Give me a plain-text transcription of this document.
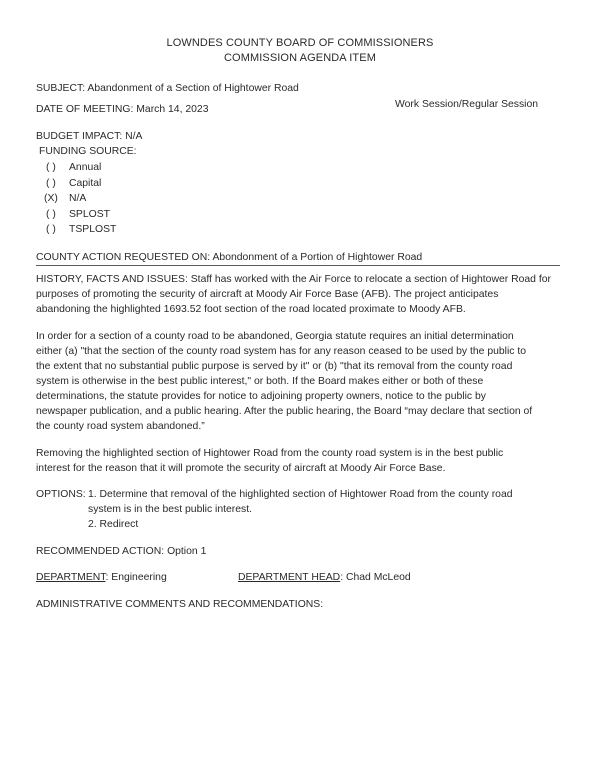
LOWNDES COUNTY BOARD OF COMMISSIONERS
COMMISSION AGENDA ITEM
SUBJECT: Abandonment of a Section of Hightower Road
DATE OF MEETING: March 14, 2023	Work Session/Regular Session
BUDGET IMPACT: N/A
FUNDING SOURCE:
( ) Annual
( ) Capital
(X) N/A
( ) SPLOST
( ) TSPLOST
COUNTY ACTION REQUESTED ON: Abondonment of a Portion of Hightower Road
HISTORY, FACTS AND ISSUES: Staff has worked with the Air Force to relocate a section of Hightower Road for
purposes of promoting the security of aircraft at Moody Air Force Base (AFB). The project anticipates
abandoning the highlighted 1693.52 foot section of the road located proximate to Moody AFB.
In order for a section of a county road to be abandoned, Georgia statute requires an initial determination
either (a) "that the section of the county road system has for any reason ceased to be used by the public to
the extent that no substantial public purpose is served by it" or (b) "that its removal from the county road
system is otherwise in the best public interest," or both. If the Board makes either or both of these
determinations, the statute provides for notice to adjoining property owners, notice to the public by
newspaper publication, and a public hearing. After the public hearing, the Board “may declare that section of
the county road system abandoned.”
Removing the highlighted section of Hightower Road from the county road system is in the best public
interest for the reason that it will promote the security of aircraft at Moody Air Force Base.
OPTIONS: 1. Determine that removal of the highlighted section of Hightower Road from the county road
system is in the best public interest.
2. Redirect
RECOMMENDED ACTION: Option 1
DEPARTMENT: Engineering	DEPARTMENT HEAD: Chad McLeod
ADMINISTRATIVE COMMENTS AND RECOMMENDATIONS:
